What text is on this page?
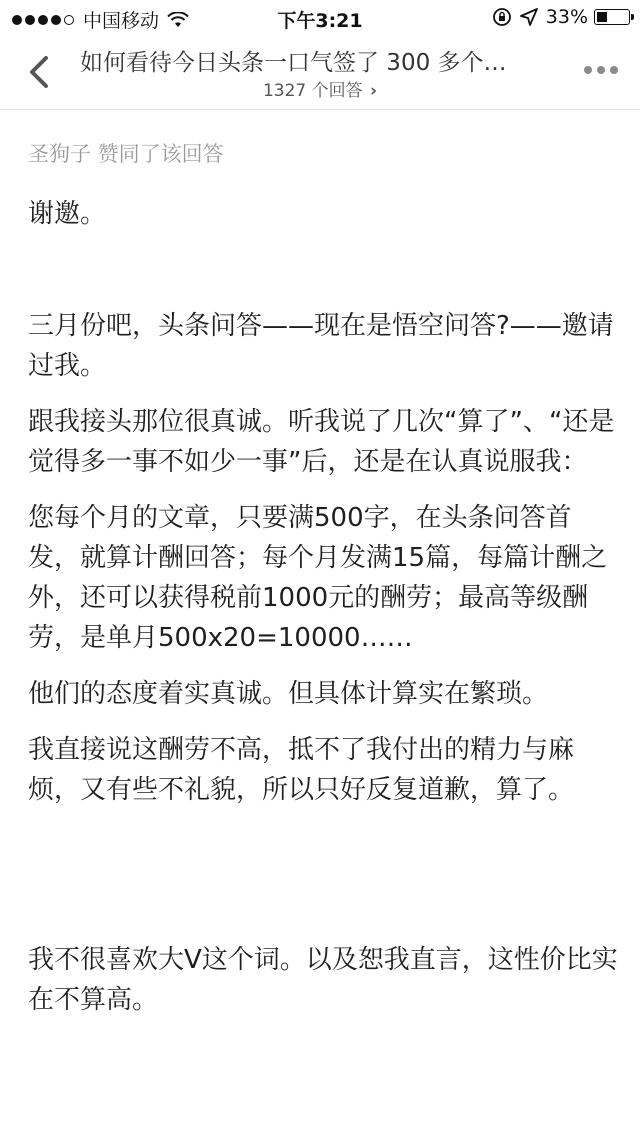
中国移动	下午3:21	33%
如何看待今日头条一口气签了 300 多个…
1327 个回答 ›
圣狗子 赞同了该回答

谢邀。

三月份吧，头条问答——现在是悟空问答?——邀请过我。

跟我接头那位很真诚。听我说了几次“算了”、“还是觉得多一事不如少一事”后，还是在认真说服我：

您每个月的文章，只要满500字，在头条问答首发，就算计酬回答；每个月发满15篇，每篇计酬之外，还可以获得税前1000元的酬劳；最高等级酬劳，是单月500x20=10000……

他们的态度着实真诚。但具体计算实在繁琐。

我直接说这酬劳不高，抵不了我付出的精力与麻烦，又有些不礼貌，所以只好反复道歉，算了。

我不很喜欢大V这个词。以及恕我直言，这性价比实在不算高。
